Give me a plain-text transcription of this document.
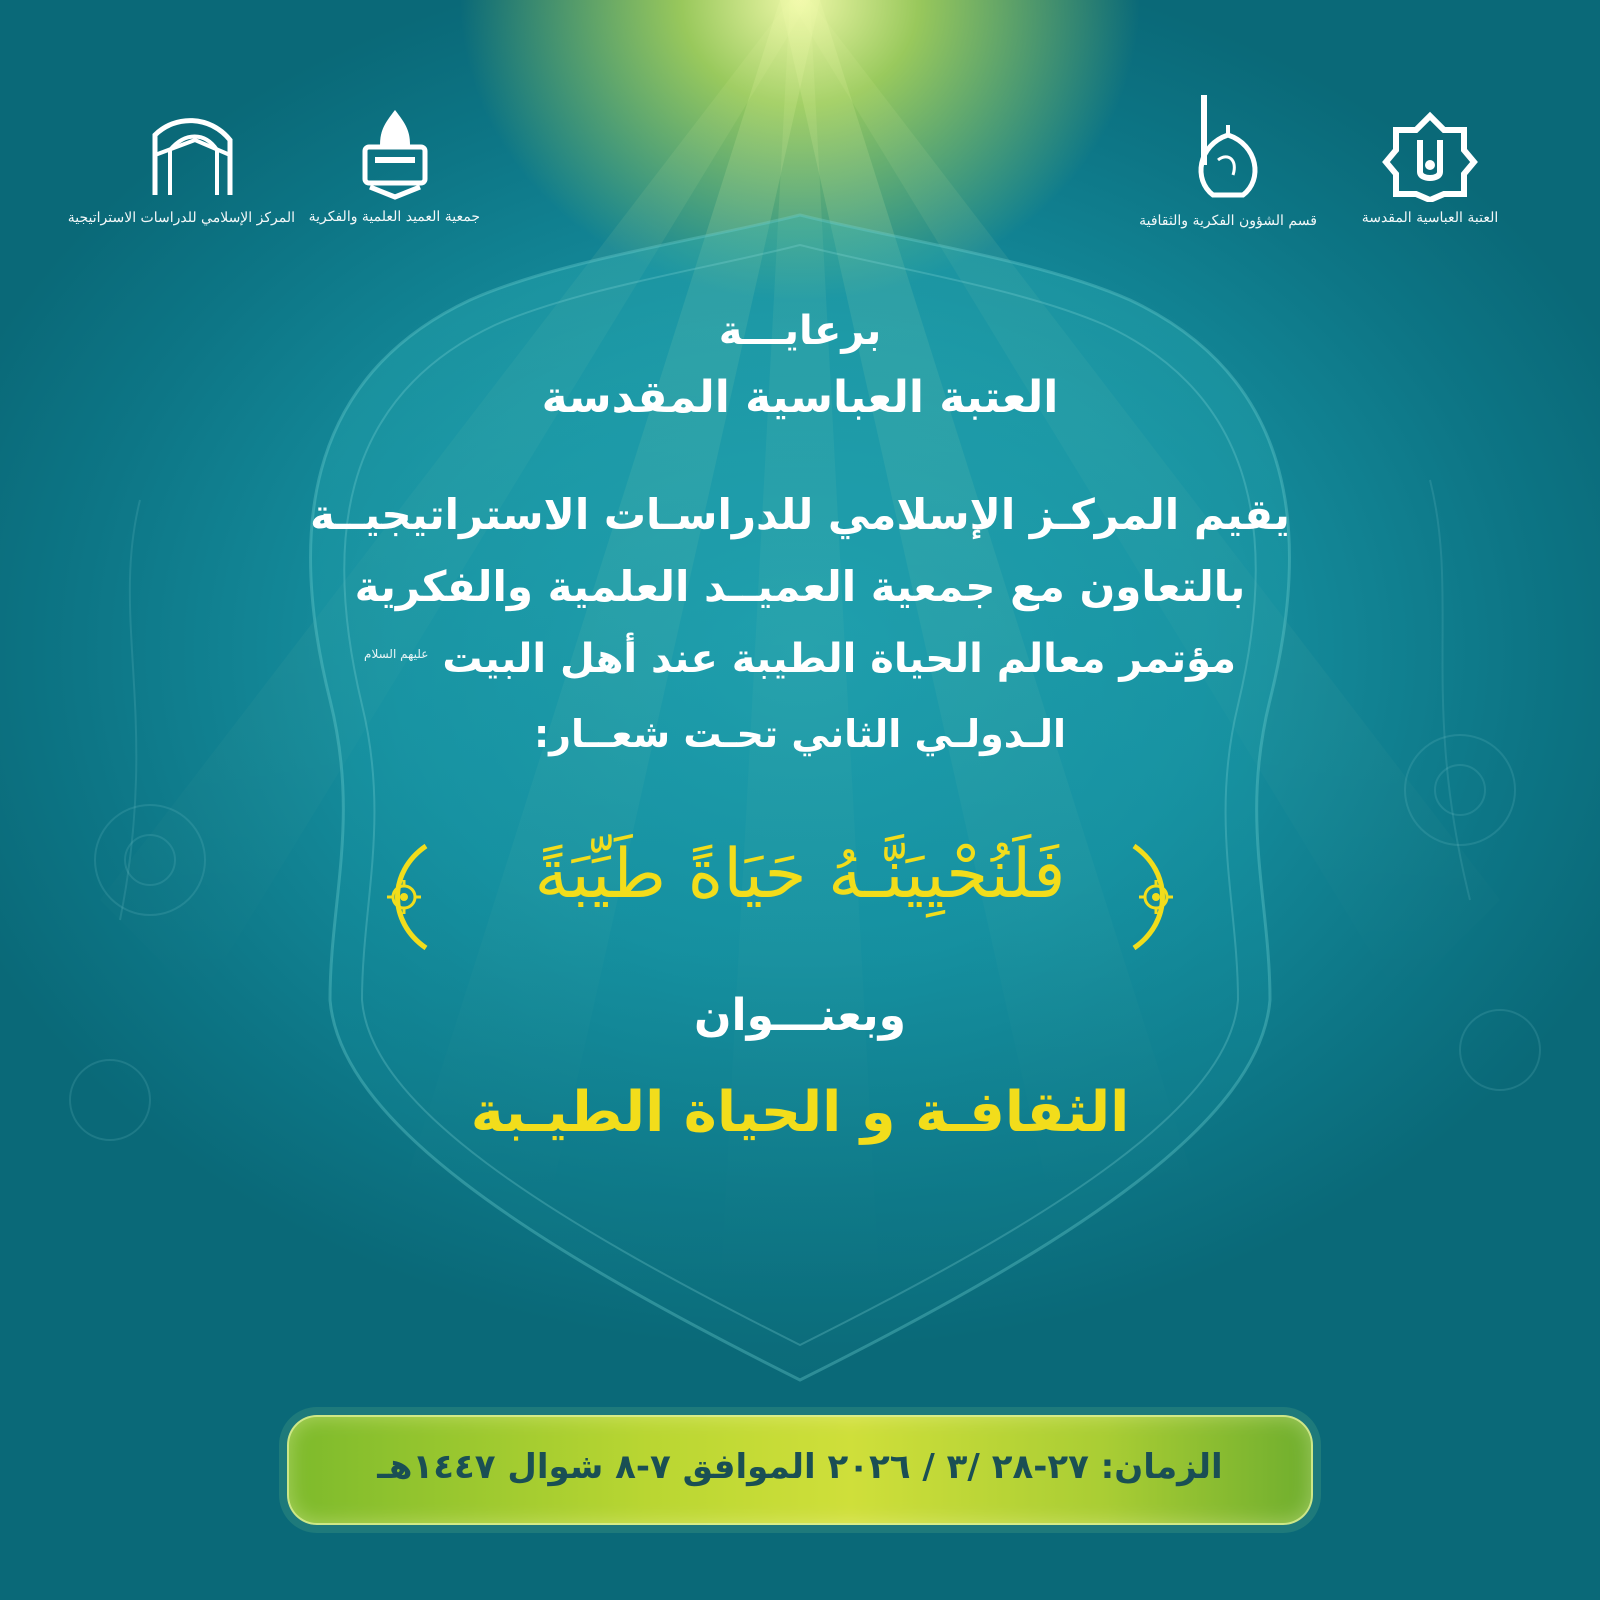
المركز الإسلامي للدراسات الاستراتيجية جمعية العميد العلمية والفكرية	قسم الشؤون الفكرية والثقافية	العتبة العباسية المقدسة
برعايـــة
العتبة العباسية المقدسة
يقيم المركـز الإسلامي للدراسـات الاستراتيجيــة
بالتعاون مع جمعية العميــد العلمية والفكرية
مؤتمر معالم الحياة الطيبة عند أهل البيت $^{عليهم السلام}$
الـدولـي الثاني تحـت شعــار:
فَلَنُحْيِيَنَّـهُ حَيَاةً طَيِّبَةً
وبعنـــوان
الثقافـة و الحياة الطيـبة
الزمان: ٢٧-٢٨ /٣ / ٢٠٢٦ الموافق ٧-٨ شوال ١٤٤٧هـ
